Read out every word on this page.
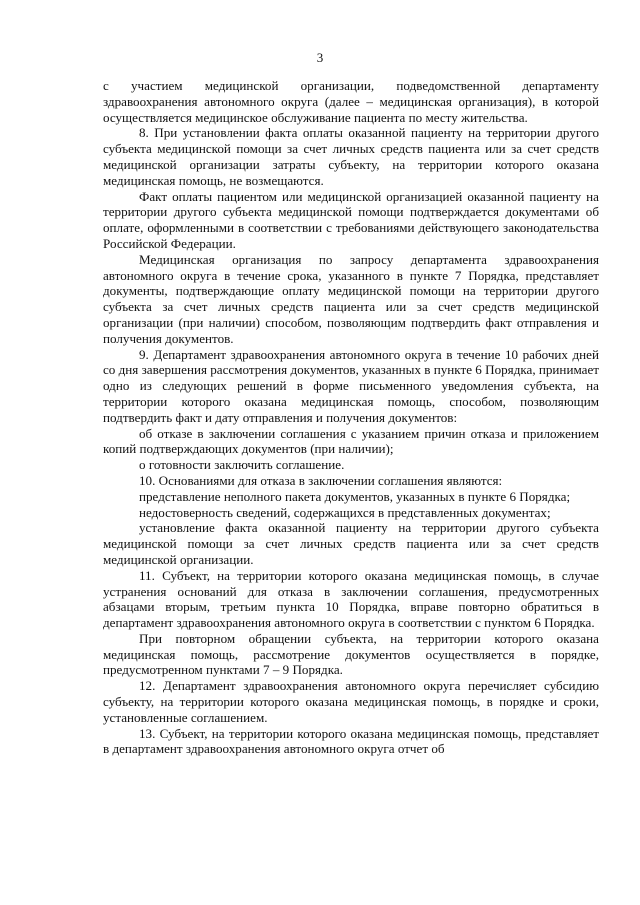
3

с участием медицинской организации, подведомственной департаменту здравоохранения автономного округа (далее – медицинская организация), в которой осуществляется медицинское обслуживание пациента по месту жительства.

8. При установлении факта оплаты оказанной пациенту на территории другого субъекта медицинской помощи за счет личных средств пациента или за счет средств медицинской организации затраты субъекту, на территории которого оказана медицинская помощь, не возмещаются.

Факт оплаты пациентом или медицинской организацией оказанной пациенту на территории другого субъекта медицинской помощи подтверждается документами об оплате, оформленными в соответствии с требованиями действующего законодательства Российской Федерации.

Медицинская организация по запросу департамента здравоохранения автономного округа в течение срока, указанного в пункте 7 Порядка, представляет документы, подтверждающие оплату медицинской помощи на территории другого субъекта за счет личных средств пациента или за счет средств медицинской организации (при наличии) способом, позволяющим подтвердить факт отправления и получения документов.

9. Департамент здравоохранения автономного округа в течение 10 рабочих дней со дня завершения рассмотрения документов, указанных в пункте 6 Порядка, принимает одно из следующих решений в форме письменного уведомления субъекта, на территории которого оказана медицинская помощь, способом, позволяющим подтвердить факт и дату отправления и получения документов:

об отказе в заключении соглашения с указанием причин отказа и приложением копий подтверждающих документов (при наличии);

о готовности заключить соглашение.

10. Основаниями для отказа в заключении соглашения являются:

представление неполного пакета документов, указанных в пункте 6 Порядка;

недостоверность сведений, содержащихся в представленных документах;

установление факта оказанной пациенту на территории другого субъекта медицинской помощи за счет личных средств пациента или за счет средств медицинской организации.

11. Субъект, на территории которого оказана медицинская помощь, в случае устранения оснований для отказа в заключении соглашения, предусмотренных абзацами вторым, третьим пункта 10 Порядка, вправе повторно обратиться в департамент здравоохранения автономного округа в соответствии с пунктом 6 Порядка.

При повторном обращении субъекта, на территории которого оказана медицинская помощь, рассмотрение документов осуществляется в порядке, предусмотренном пунктами 7 – 9 Порядка.

12. Департамент здравоохранения автономного округа перечисляет субсидию субъекту, на территории которого оказана медицинская помощь, в порядке и сроки, установленные соглашением.

13. Субъект, на территории которого оказана медицинская помощь, представляет в департамент здравоохранения автономного округа отчет об
